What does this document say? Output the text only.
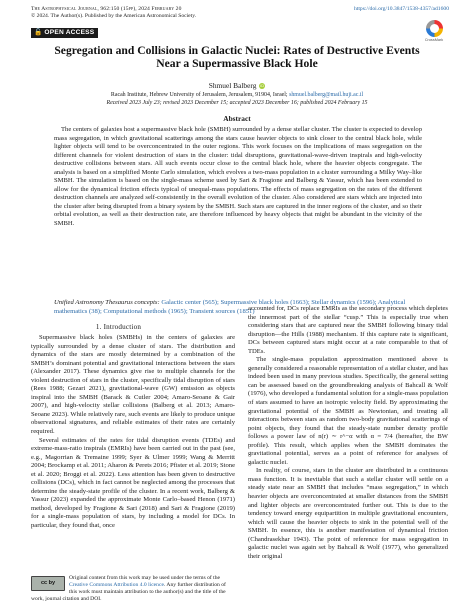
The Astrophysical Journal, 962:150 (15pp), 2024 February 20
© 2024. The Author(s). Published by the American Astronomical Society.
https://doi.org/10.3847/1538-4357/ad1600
🔓 OPEN ACCESS
CrossMark
Segregation and Collisions in Galactic Nuclei: Rates of Destructive Events Near a Supermassive Black Hole
Shmuel Balberg iD
Racah Institute, Hebrew University of Jerusalem, Jerusalem, 91904, Israel; shmuel.balberg@mail.huji.ac.il
Received 2023 July 23; revised 2023 December 15; accepted 2023 December 16; published 2024 February 15
Abstract

The centers of galaxies host a supermassive black hole (SMBH) surrounded by a dense stellar cluster. The cluster is expected to develop mass segregation, in which gravitational scatterings among the stars cause heavier objects to sink closer to the central black hole, while lighter objects will tend to be overconcentrated in the outer regions. This work focuses on the implications of mass segregation on the different channels for violent destruction of stars in the cluster: tidal disruptions, gravitational-wave-driven inspirals and high-velocity destructive collisions between stars. All such events occur close to the central black hole, where the heavier objects congregate. The analysis is based on a simplified Monte Carlo simulation, which evolves a two-mass population in a cluster surrounding a Milky Way–like SMBH. The simulation is based on the single-mass scheme used by Sari & Fragione and Balberg & Yassur, which has been extended to allow for the dynamical friction effects typical of unequal-mass populations. The effects of mass segregation on the rates of the different destruction channels are analyzed self-consistently in the overall evolution of the cluster. Also considered are stars which are injected into the cluster after being disrupted from a binary system by the SMBH. Such stars are captured in the inner regions of the cluster, and so their orbital evolution, as well as their destruction rate, are therefore influenced by heavy objects that might be abundant in the vicinity of the SMBH.

Unified Astronomy Thesaurus concepts: Galactic center (565); Supermassive black holes (1663); Stellar dynamics (1596); Analytical mathematics (38); Computational methods (1965); Transient sources (1851)
1. Introduction

Supermassive black holes (SMBHs) in the centers of galaxies are typically surrounded by a dense cluster of stars. The distribution and dynamics of the stars are mostly determined by a combination of the SMBH’s dominant potential and gravitational interactions between the stars (Alexander 2017). These dynamics give rise to multiple channels for the violent destruction of stars in the cluster, specifically tidal disruption of stars (Rees 1988; Gezari 2021), gravitational-wave (GW) emission as objects inspiral into the SMBH (Barack & Cutler 2004; Amaro-Seoane & Gair 2007), and high-velocity stellar collisions (Balberg et al. 2013; Amaro-Seoane 2023). While relatively rare, such events are likely to produce unique observational signatures, and reliable estimates of their rates are certainly required.

Several estimates of the rates for tidal disruption events (TDEs) and extreme-mass-ratio inspirals (EMRIs) have been carried out in the past (see, e.g., Magorrian & Tremaine 1999; Syer & Ulmer 1999; Wang & Merritt 2004; Brockamp et al. 2011; Aharon & Perets 2016; Pfister et al. 2019; Stone et al. 2020; Broggi et al. 2022). Less attention has been given to destructive collisions (DCs), which in fact cannot be neglected among the processes that determine the steady-state profile of the cluster. In a recent work, Balberg & Yassur (2023) expanded the approximate Monte Carlo–based Henon (1971) method, developed by Fragione & Sari (2018) and Sari & Fragione (2019) for a single-mass population of stars, by including a model for DCs. In particular, they found that, once

accounted for, DCs replace EMRIs as the secondary process which depletes the innermost part of the stellar “cusp.” This is especially true when considering stars that are captured near the SMBH following binary tidal disruption—the Hills (1988) mechanism. If this capture rate is significant, DCs between captured stars might occur at a rate comparable to that of TDEs.

The single-mass population approximation mentioned above is generally considered a reasonable representation of a stellar cluster, and has indeed been used in many previous studies. Specifically, the general setting can be assessed based on the groundbreaking analysis of Bahcall & Wolf (1976), who developed a fundamental solution for a single-mass population of stars assumed to have an isotropic velocity field. By approximating the gravitational potential of the SMBH as Newtonian, and treating all interactions between stars as random two-body gravitational scatterings of point objects, they found that the steady-state number density profile follows a power law of n(r) ∼ r^−α with α = 7/4 (hereafter, the BW profile). This result, which applies when the SMBH dominates the gravitational potential, serves as a point of reference for analyses of galactic nuclei.

In reality, of course, stars in the cluster are distributed in a continuous mass function. It is inevitable that such a stellar cluster will settle on a steady state near an SMBH that includes “mass segregation,” in which heavier objects are overconcentrated at smaller distances from the SMBH and lighter objects are overconcentrated further out. This is due to the tendency toward energy equipartition in multiple gravitational encounters, which will cause the heavier objects to sink in the potential well of the SMBH. In essence, this is another manifestation of dynamical friction (Chandrasekhar 1943). The point of reference for mass segregation in galactic nuclei was again set by Bahcall & Wolf (1977), who generalized their original

cc by
Original content from this work may be used under the terms of the Creative Commons Attribution 4.0 licence. Any further distribution of this work must maintain attribution to the author(s) and the title of the work, journal citation and DOI.
